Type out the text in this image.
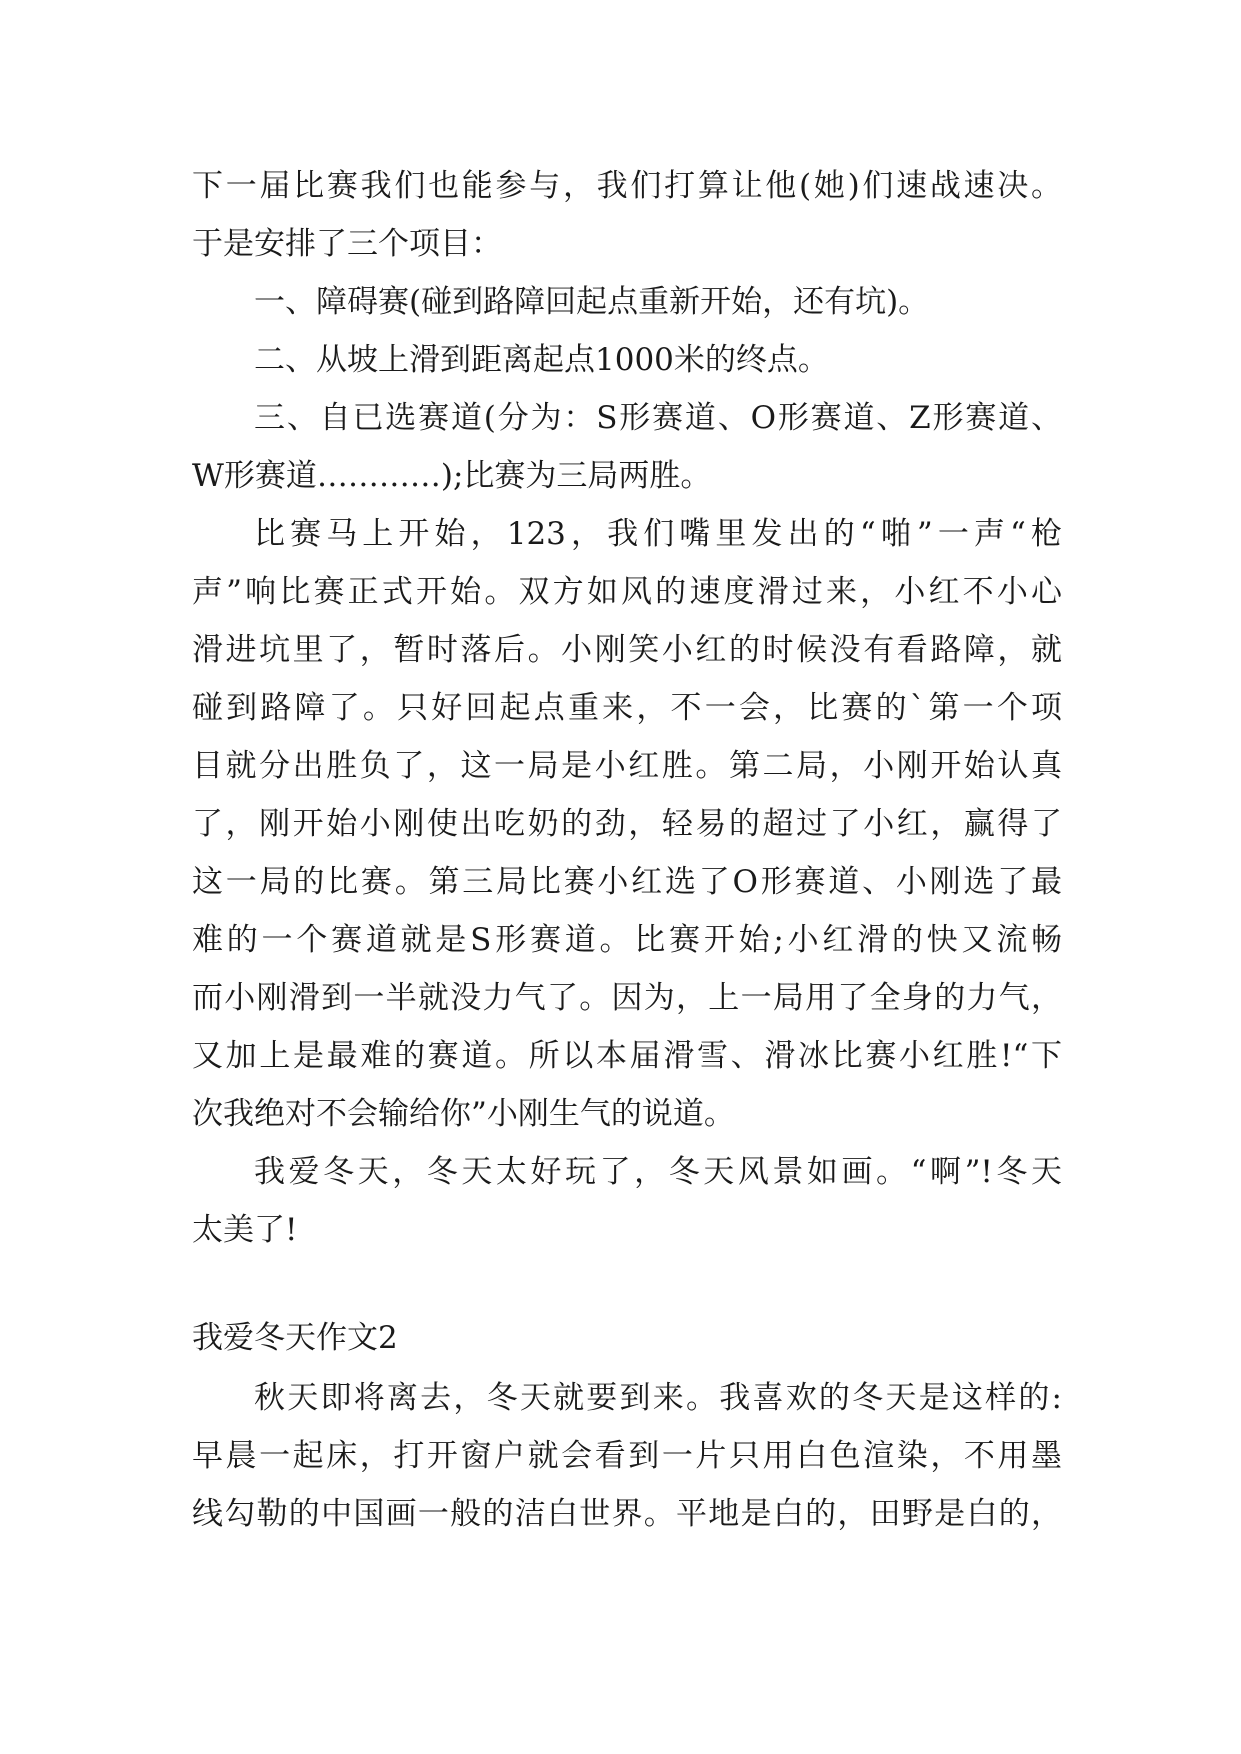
下一届比赛我们也能参与，我们打算让他(她)们速战速决。
于是安排了三个项目：
一、障碍赛(碰到路障回起点重新开始，还有坑)。
二、从坡上滑到距离起点1000米的终点。
三、自已选赛道(分为：S形赛道、O形赛道、Z形赛道、
W形赛道…………);比赛为三局两胜。
比赛马上开始，123，我们嘴里发出的“啪”一声“枪
声”响比赛正式开始。双方如风的速度滑过来，小红不小心
滑进坑里了，暂时落后。小刚笑小红的时候没有看路障，就
碰到路障了。只好回起点重来，不一会，比赛的`第一个项
目就分出胜负了，这一局是小红胜。第二局，小刚开始认真
了，刚开始小刚使出吃奶的劲，轻易的超过了小红，赢得了
这一局的比赛。第三局比赛小红选了O形赛道、小刚选了最
难的一个赛道就是S形赛道。比赛开始;小红滑的快又流畅
而小刚滑到一半就没力气了。因为，上一局用了全身的力气，
又加上是最难的赛道。所以本届滑雪、滑冰比赛小红胜!“下
次我绝对不会输给你”小刚生气的说道。
我爱冬天，冬天太好玩了，冬天风景如画。“啊”!冬天
太美了!
我爱冬天作文2
秋天即将离去，冬天就要到来。我喜欢的冬天是这样的:
早晨一起床，打开窗户就会看到一片只用白色渲染，不用墨
线勾勒的中国画一般的洁白世界。平地是白的，田野是白的，
